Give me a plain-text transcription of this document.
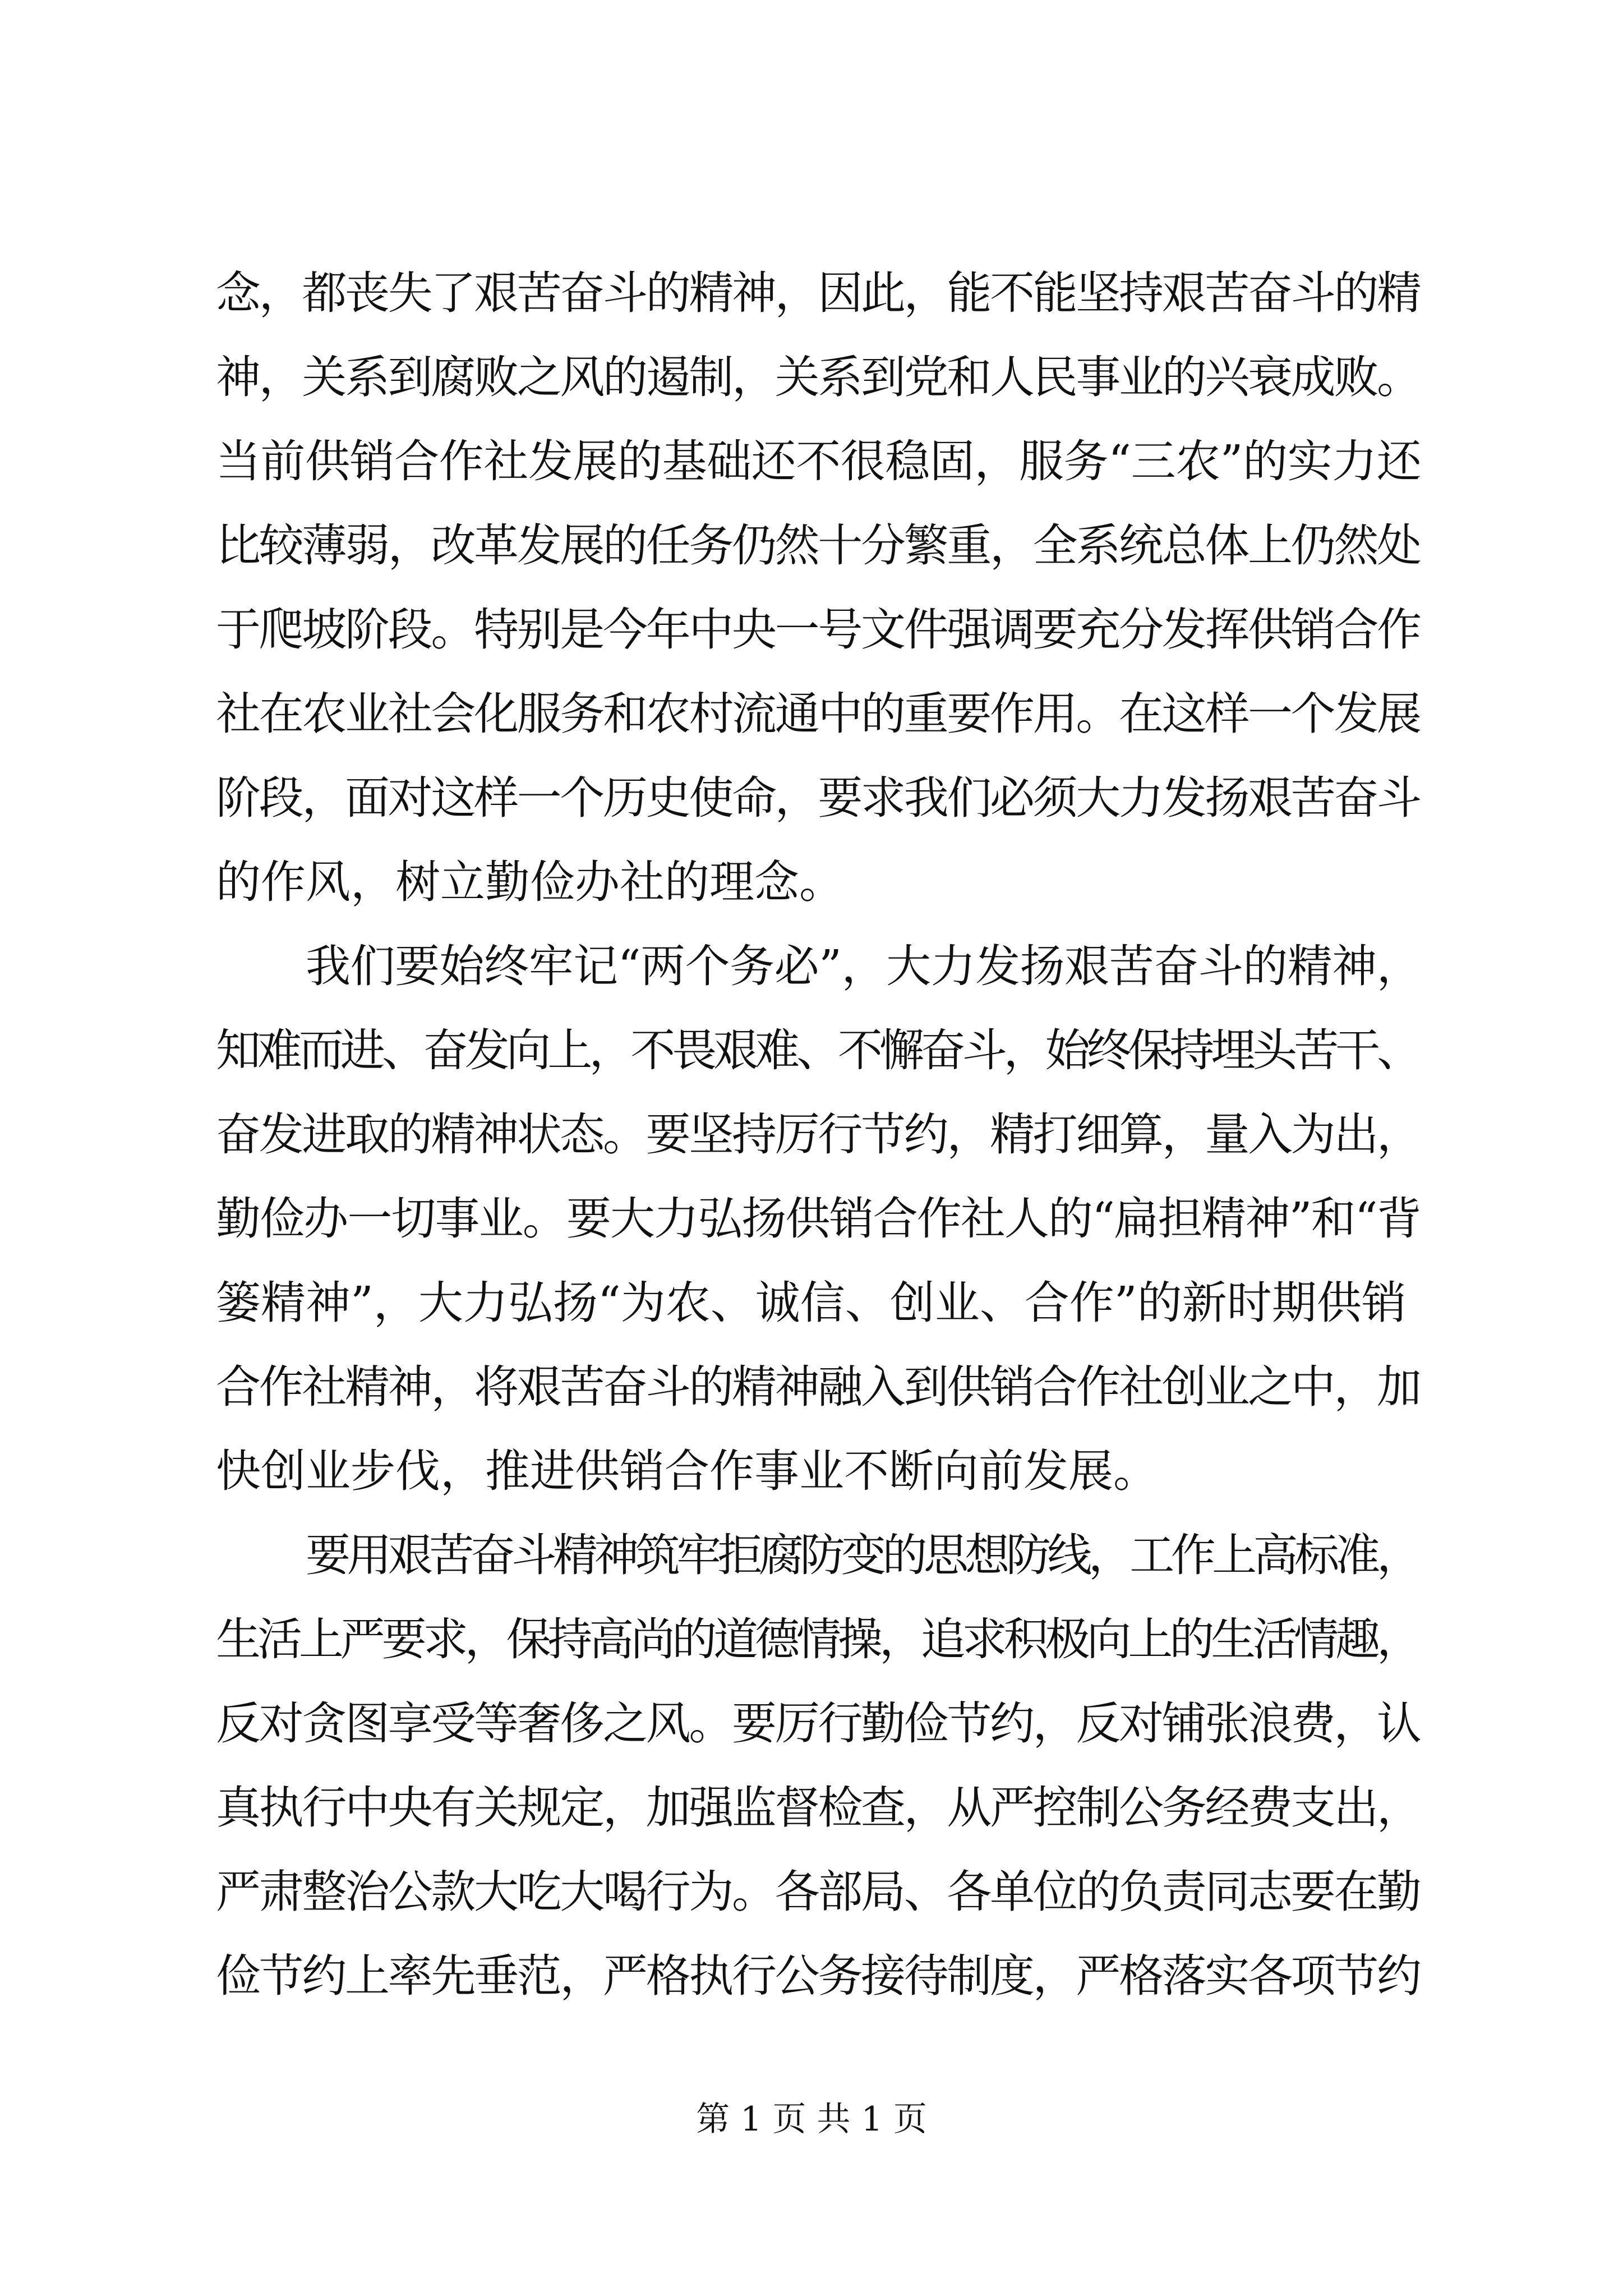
念，都丧失了艰苦奋斗的精神，因此，能不能坚持艰苦奋斗的精
神，关系到腐败之风的遏制，关系到党和人民事业的兴衰成败。
当前供销合作社发展的基础还不很稳固，服务“三农”的实力还
比较薄弱，改革发展的任务仍然十分繁重，全系统总体上仍然处
于爬坡阶段。特别是今年中央一号文件强调要充分发挥供销合作
社在农业社会化服务和农村流通中的重要作用。在这样一个发展
阶段，面对这样一个历史使命，要求我们必须大力发扬艰苦奋斗
的作风，树立勤俭办社的理念。
我们要始终牢记“两个务必”，大力发扬艰苦奋斗的精神，
知难而进、奋发向上，不畏艰难、不懈奋斗，始终保持埋头苦干、
奋发进取的精神状态。要坚持厉行节约，精打细算，量入为出，
勤俭办一切事业。要大力弘扬供销合作社人的“扁担精神”和“背
篓精神”，大力弘扬“为农、诚信、创业、合作”的新时期供销
合作社精神，将艰苦奋斗的精神融入到供销合作社创业之中，加
快创业步伐，推进供销合作事业不断向前发展。
要用艰苦奋斗精神筑牢拒腐防变的思想防线，工作上高标准，
生活上严要求，保持高尚的道德情操，追求积极向上的生活情趣，
反对贪图享受等奢侈之风。要厉行勤俭节约，反对铺张浪费，认
真执行中央有关规定，加强监督检查，从严控制公务经费支出，
严肃整治公款大吃大喝行为。各部局、各单位的负责同志要在勤
俭节约上率先垂范，严格执行公务接待制度，严格落实各项节约
第 1 页 共 1 页
